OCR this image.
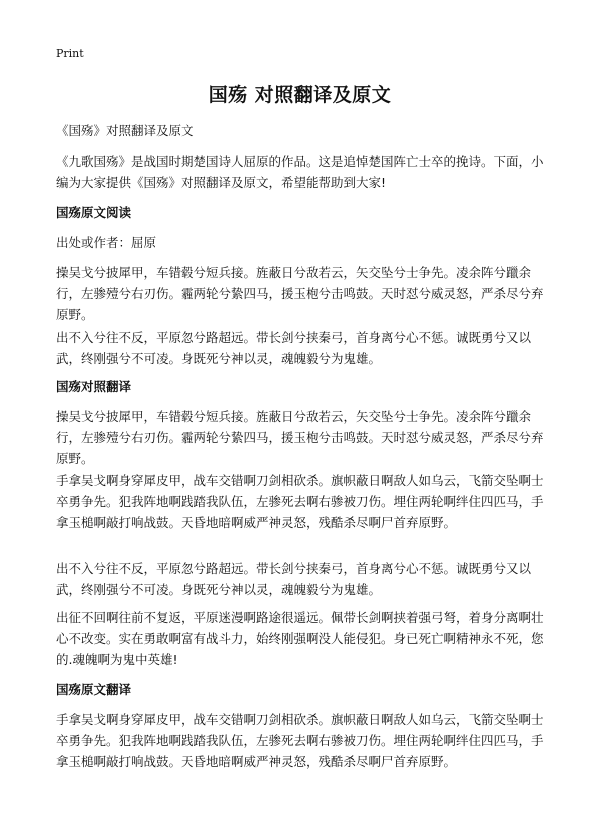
Print
国殇 对照翻译及原文

《国殇》对照翻译及原文

《九歌国殇》是战国时期楚国诗人屈原的作品。这是追悼楚国阵亡士卒的挽诗。下面，小编为大家提供《国殇》对照翻译及原文，希望能帮助到大家!

国殇原文阅读

出处或作者：屈原

操吴戈兮披犀甲，车错毂兮短兵接。旌蔽日兮敌若云，矢交坠兮士争先。凌余阵兮躐余行，左骖殪兮右刃伤。霾两轮兮絷四马，援玉枹兮击鸣鼓。天时怼兮威灵怒，严杀尽兮弃原野。

出不入兮往不反，平原忽兮路超远。带长剑兮挟秦弓，首身离兮心不惩。诚既勇兮又以武，终刚强兮不可凌。身既死兮神以灵，魂魄毅兮为鬼雄。

国殇对照翻译

操吴戈兮披犀甲，车错毂兮短兵接。旌蔽日兮敌若云，矢交坠兮士争先。凌余阵兮躐余行，左骖殪兮右刃伤。霾两轮兮絷四马，援玉枹兮击鸣鼓。天时怼兮威灵怒，严杀尽兮弃原野。

手拿吴戈啊身穿犀皮甲，战车交错啊刀剑相砍杀。旗帜蔽日啊敌人如乌云，飞箭交坠啊士卒勇争先。犯我阵地啊践踏我队伍，左骖死去啊右骖被刀伤。埋住两轮啊绊住四匹马，手拿玉槌啊敲打响战鼓。天昏地暗啊威严神灵怒，残酷杀尽啊尸首弃原野。

出不入兮往不反，平原忽兮路超远。带长剑兮挟秦弓，首身离兮心不惩。诚既勇兮又以武，终刚强兮不可凌。身既死兮神以灵，魂魄毅兮为鬼雄。

出征不回啊往前不复返，平原迷漫啊路途很遥远。佩带长剑啊挟着强弓弩，着身分离啊壮心不改变。实在勇敢啊富有战斗力，始终刚强啊没人能侵犯。身已死亡啊精神永不死，您的.魂魄啊为鬼中英雄!

国殇原文翻译

手拿吴戈啊身穿犀皮甲，战车交错啊刀剑相砍杀。旗帜蔽日啊敌人如乌云，飞箭交坠啊士卒勇争先。犯我阵地啊践踏我队伍，左骖死去啊右骖被刀伤。埋住两轮啊绊住四匹马，手拿玉槌啊敲打响战鼓。天昏地暗啊威严神灵怒，残酷杀尽啊尸首弃原野。
